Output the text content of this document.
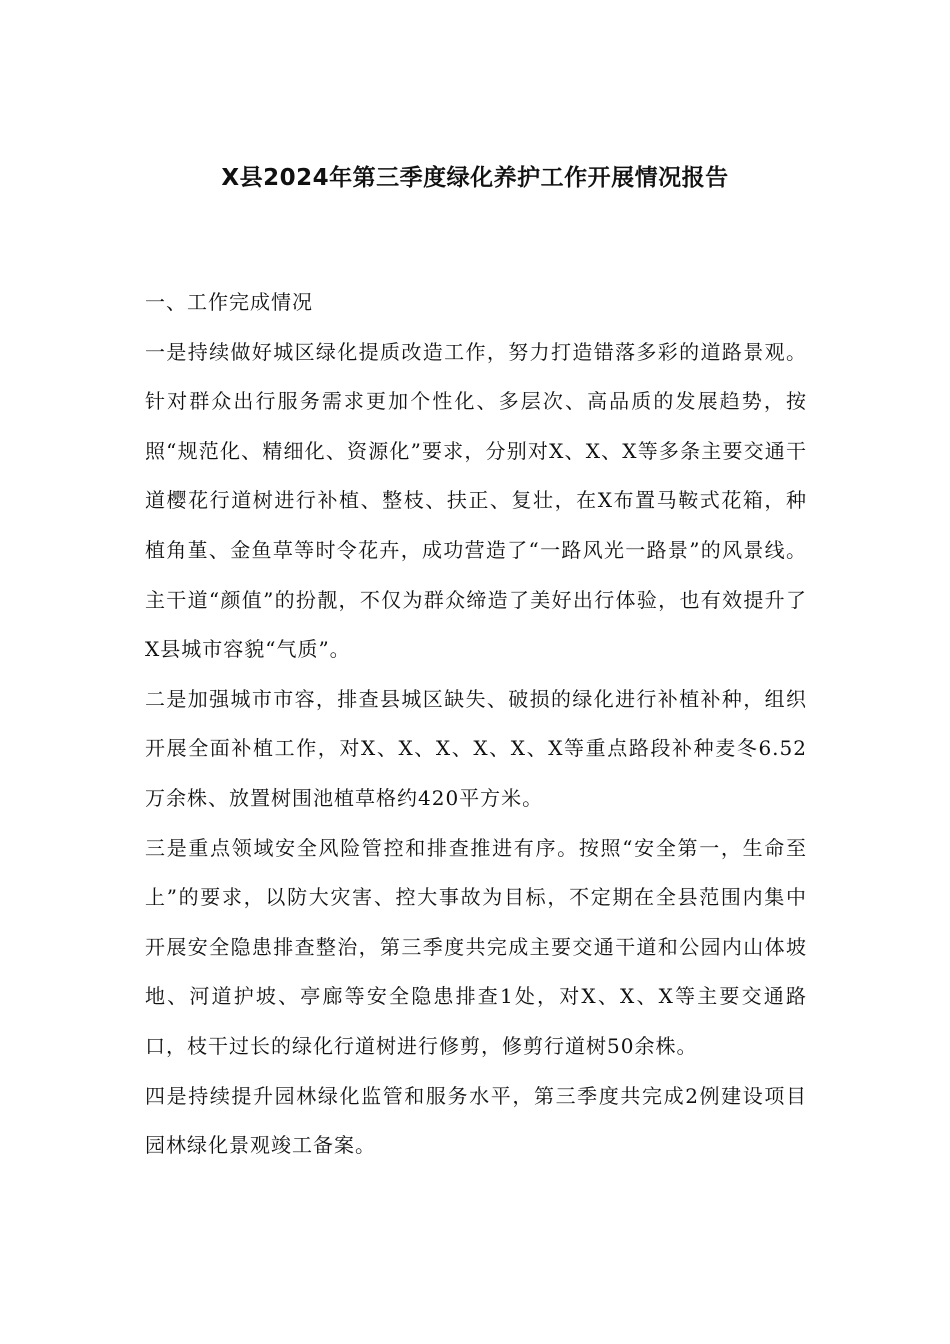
X县2024年第三季度绿化养护工作开展情况报告

一、工作完成情况

一是持续做好城区绿化提质改造工作，努力打造错落多彩的道路景观。针对群众出行服务需求更加个性化、多层次、高品质的发展趋势，按照“规范化、精细化、资源化”要求，分别对X、X、X等多条主要交通干道樱花行道树进行补植、整枝、扶正、复壮，在X布置马鞍式花箱，种植角堇、金鱼草等时令花卉，成功营造了“一路风光一路景”的风景线。主干道“颜值”的扮靓，不仅为群众缔造了美好出行体验，也有效提升了X县城市容貌“气质”。

二是加强城市市容，排查县城区缺失、破损的绿化进行补植补种，组织开展全面补植工作，对X、X、X、X、X、X等重点路段补种麦冬6.52万余株、放置树围池植草格约420平方米。

三是重点领域安全风险管控和排查推进有序。按照“安全第一，生命至上”的要求，以防大灾害、控大事故为目标，不定期在全县范围内集中开展安全隐患排查整治，第三季度共完成主要交通干道和公园内山体坡地、河道护坡、亭廊等安全隐患排查1处，对X、X、X等主要交通路口，枝干过长的绿化行道树进行修剪，修剪行道树50余株。

四是持续提升园林绿化监管和服务水平，第三季度共完成2例建设项目园林绿化景观竣工备案。
